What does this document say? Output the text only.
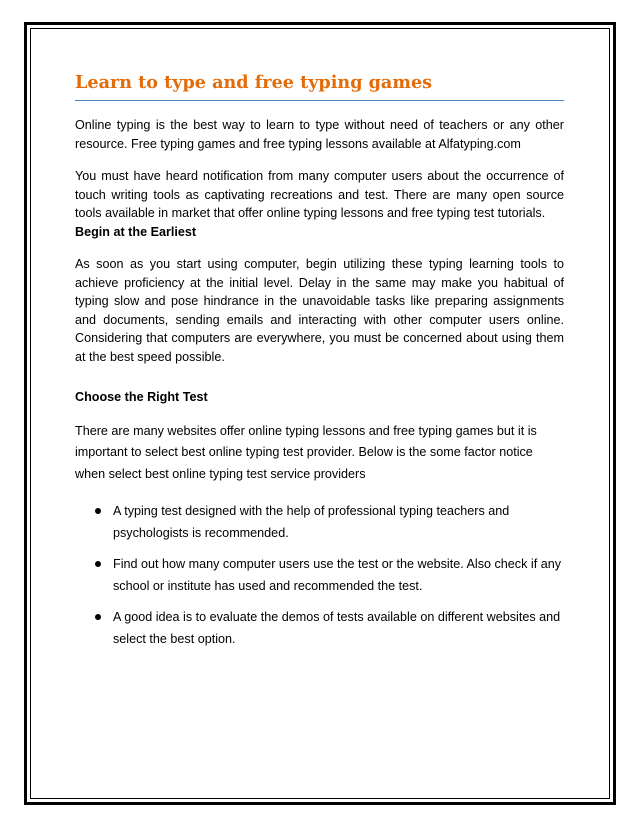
Learn to type and free typing games

Online typing is the best way to learn to type without need of teachers or any other resource. Free typing games and free typing lessons available at Alfatyping.com

You must have heard notification from many computer users about the occurrence of touch writing tools as captivating recreations and test. There are many open source tools available in market that offer online typing lessons and free typing test tutorials.

Begin at the Earliest

As soon as you start using computer, begin utilizing these typing learning tools to achieve proficiency at the initial level. Delay in the same may make you habitual of typing slow and pose hindrance in the unavoidable tasks like preparing assignments and documents, sending emails and interacting with other computer users online. Considering that computers are everywhere, you must be concerned about using them at the best speed possible.

Choose the Right Test

There are many websites offer online typing lessons and free typing games but it is important to select best online typing test provider. Below is the some factor notice when select best online typing test service providers

A typing test designed with the help of professional typing teachers and psychologists is recommended.
Find out how many computer users use the test or the website. Also check if any school or institute has used and recommended the test.
A good idea is to evaluate the demos of tests available on different websites and select the best option.
